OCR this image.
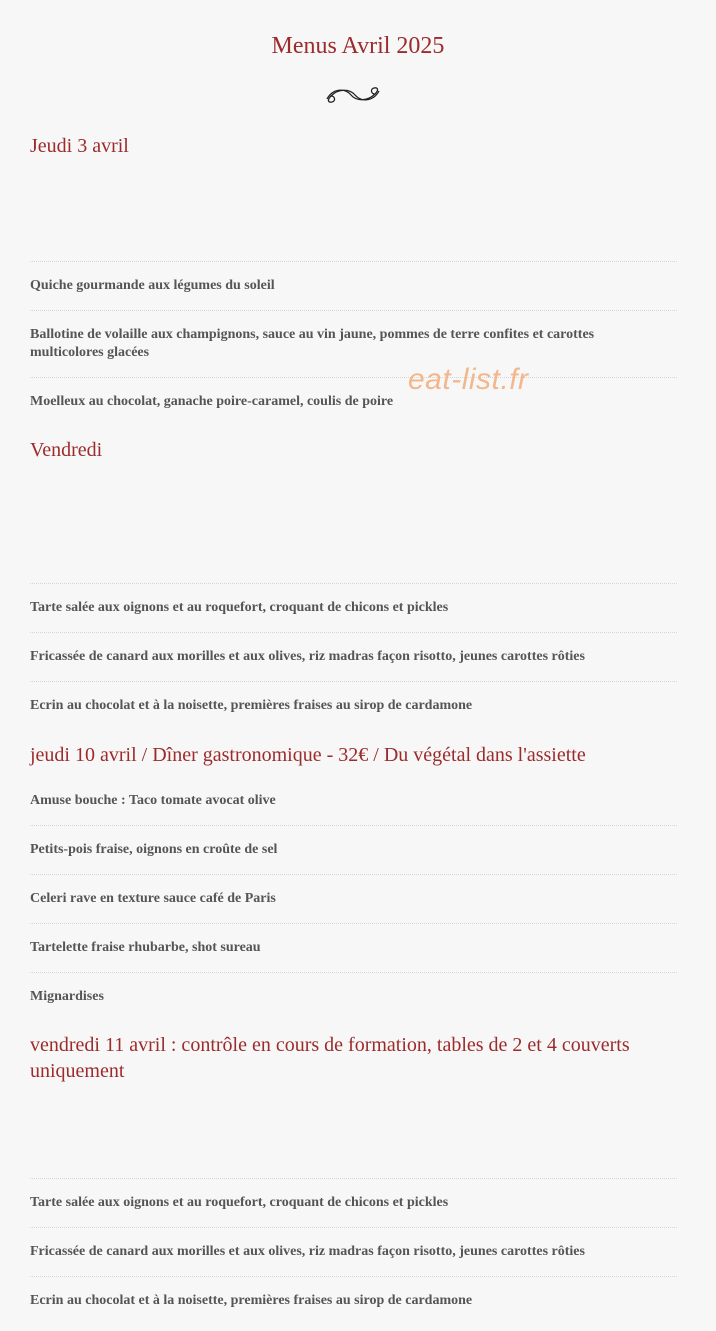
Menus Avril 2025
Jeudi 3 avril
Quiche gourmande aux légumes du soleil
Ballotine de volaille aux champignons, sauce au vin jaune, pommes de terre confites et carottes multicolores glacées
Moelleux au chocolat, ganache poire-caramel, coulis de poire
Vendredi
Tarte salée aux oignons et au roquefort, croquant de chicons et pickles
Fricassée de canard aux morilles et aux olives, riz madras façon risotto, jeunes carottes rôties
Ecrin au chocolat et à la noisette, premières fraises au sirop de cardamone
jeudi 10 avril / Dîner gastronomique - 32€ / Du végétal dans l'assiette
Amuse bouche : Taco tomate avocat olive
Petits-pois fraise, oignons en croûte de sel
Celeri rave en texture sauce café de Paris
Tartelette fraise rhubarbe, shot sureau
Mignardises
vendredi 11 avril : contrôle en cours de formation, tables de 2 et 4 couverts uniquement
Tarte salée aux oignons et au roquefort, croquant de chicons et pickles
Fricassée de canard aux morilles et aux olives, riz madras façon risotto, jeunes carottes rôties
Ecrin au chocolat et à la noisette, premières fraises au sirop de cardamone
eat-list.fr
